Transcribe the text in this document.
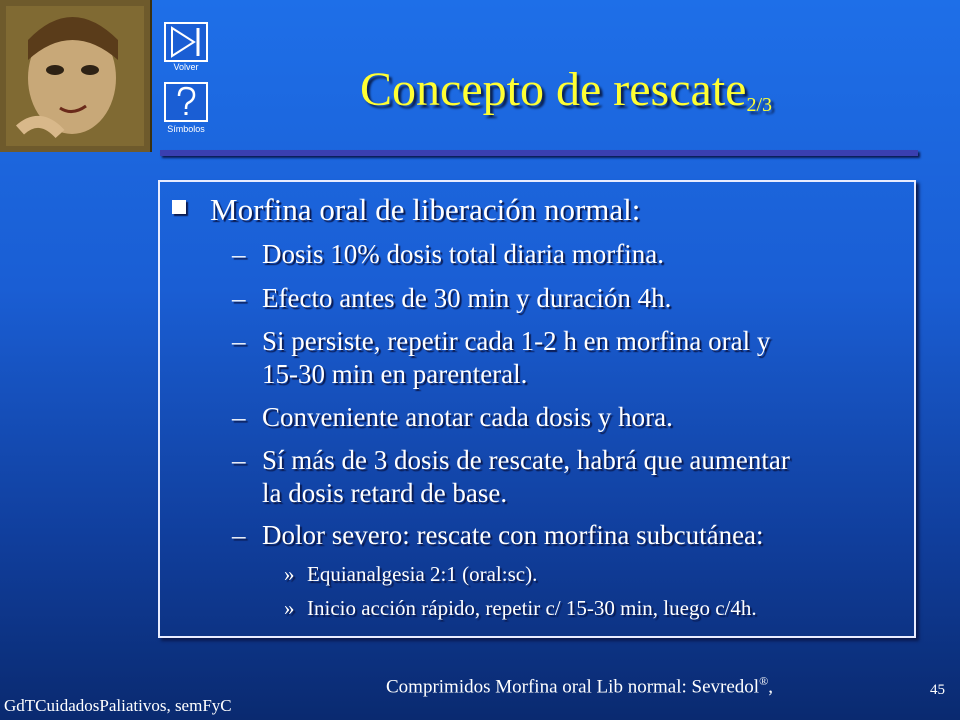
Volver
Símbolos
Concepto de rescate$_{2/3}$
Morfina oral de liberación normal:
– Dosis 10% dosis total diaria morfina.
– Efecto antes de 30 min y duración 4h.
– Si persiste, repetir cada 1-2 h en morfina oral y
15-30 min en parenteral.
– Conveniente anotar cada dosis y hora.
– Sí más de 3 dosis de rescate, habrá que aumentar
la dosis retard de base.
– Dolor severo: rescate con morfina subcutánea:
» Equianalgesia 2:1 (oral:sc).
» Inicio acción rápido, repetir c/ 15-30 min, luego c/4h.
Comprimidos Morfina oral Lib normal: Sevredol®,
GdTCuidadosPaliativos, semFyC
45
